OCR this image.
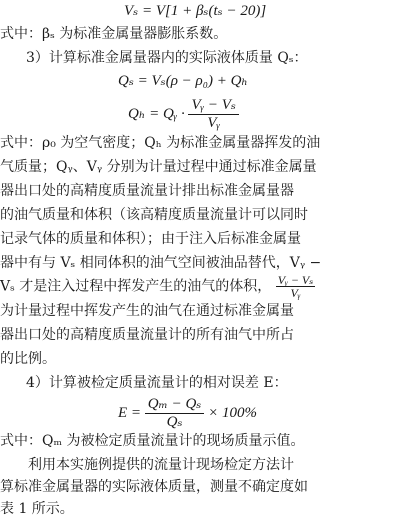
Vₛ = V[1 + βₛ(tₛ − 20)]
式中：βₛ 为标准金属量器膨胀系数。
3）计算标准金属量器内的实际液体质量 Qₛ：
Qₛ = Vₛ(ρ − ρ₀) + Qₕ
Qₕ = Qᵧ · $\frac{\text{Vᵧ − Vₛ}}{\text{Vᵧ}}$
式中：ρ₀ 为空气密度；Qₕ 为标准金属量器挥发的油
气质量；Qᵧ、Vᵧ 分别为计量过程中通过标准金属量
器出口处的高精度质量流量计排出标准金属量器
的油气质量和体积（该高精度质量流量计可以同时
记录气体的质量和体积）；由于注入后标准金属量
器中有与 Vₛ 相同体积的油气空间被油品替代，Vᵧ −
Vₛ 才是注入过程中挥发产生的油气的体积， $\frac{\text{Vᵧ − Vₛ}}{\text{Vᵧ}}$
为计量过程中挥发产生的油气在通过标准金属量
器出口处的高精度质量流量计的所有油气中所占
的比例。
4）计算被检定质量流量计的相对误差 E：
$E = \frac{\text{Qₘ − Qₛ}}{\text{Qₛ}} \times 100\%$
式中：Qₘ 为被检定质量流量计的现场质量示值。
　　利用本实施例提供的流量计现场检定方法计
算标准金属量器的实际液体质量，测量不确定度如
表 1 所示。
